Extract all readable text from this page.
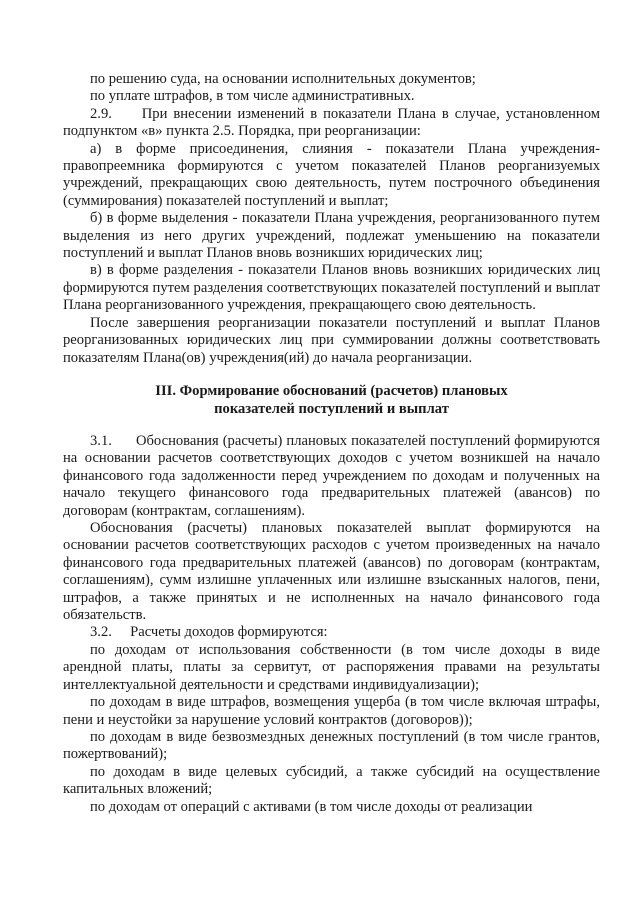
по решению суда, на основании исполнительных документов;

по уплате штрафов, в том числе административных.

2.9.     При внесении изменений в показатели Плана в случае, установленном подпунктом «в» пункта 2.5. Порядка, при реорганизации:

а) в форме присоединения, слияния - показатели Плана учреждения-правопреемника формируются с учетом показателей Планов реорганизуемых учреждений, прекращающих свою деятельность, путем построчного объединения (суммирования) показателей поступлений и выплат;

б) в форме выделения - показатели Плана учреждения, реорганизованного путем выделения из него других учреждений, подлежат уменьшению на показатели поступлений и выплат Планов вновь возникших юридических лиц;

в) в форме разделения - показатели Планов вновь возникших юридических лиц формируются путем разделения соответствующих показателей поступлений и выплат Плана реорганизованного учреждения, прекращающего свою деятельность.

После завершения реорганизации показатели поступлений и выплат Планов реорганизованных юридических лиц при суммировании должны соответствовать показателям Плана(ов) учреждения(ий) до начала реорганизации.

III. Формирование обоснований (расчетов) плановых

показателей поступлений и выплат

3.1.      Обоснования (расчеты) плановых показателей поступлений формируются на основании расчетов соответствующих доходов с учетом возникшей на начало финансового года задолженности перед учреждением по доходам и полученных на начало текущего финансового года предварительных платежей (авансов) по договорам (контрактам, соглашениям).

Обоснования (расчеты) плановых показателей выплат формируются на основании расчетов соответствующих расходов с учетом произведенных на начало финансового года предварительных платежей (авансов) по договорам (контрактам, соглашениям), сумм излишне уплаченных или излишне взысканных налогов, пени, штрафов, а также принятых и не исполненных на начало финансового года обязательств.

3.2.     Расчеты доходов формируются:

по доходам от использования собственности (в том числе доходы в виде арендной платы, платы за сервитут, от распоряжения правами на результаты интеллектуальной деятельности и средствами индивидуализации);

по доходам в виде штрафов, возмещения ущерба (в том числе включая штрафы, пени и неустойки за нарушение условий контрактов (договоров));

по доходам в виде безвозмездных денежных поступлений (в том числе грантов, пожертвований);

по доходам в виде целевых субсидий, а также субсидий на осуществление капитальных вложений;

по доходам от операций с активами (в том числе доходы от реализации
